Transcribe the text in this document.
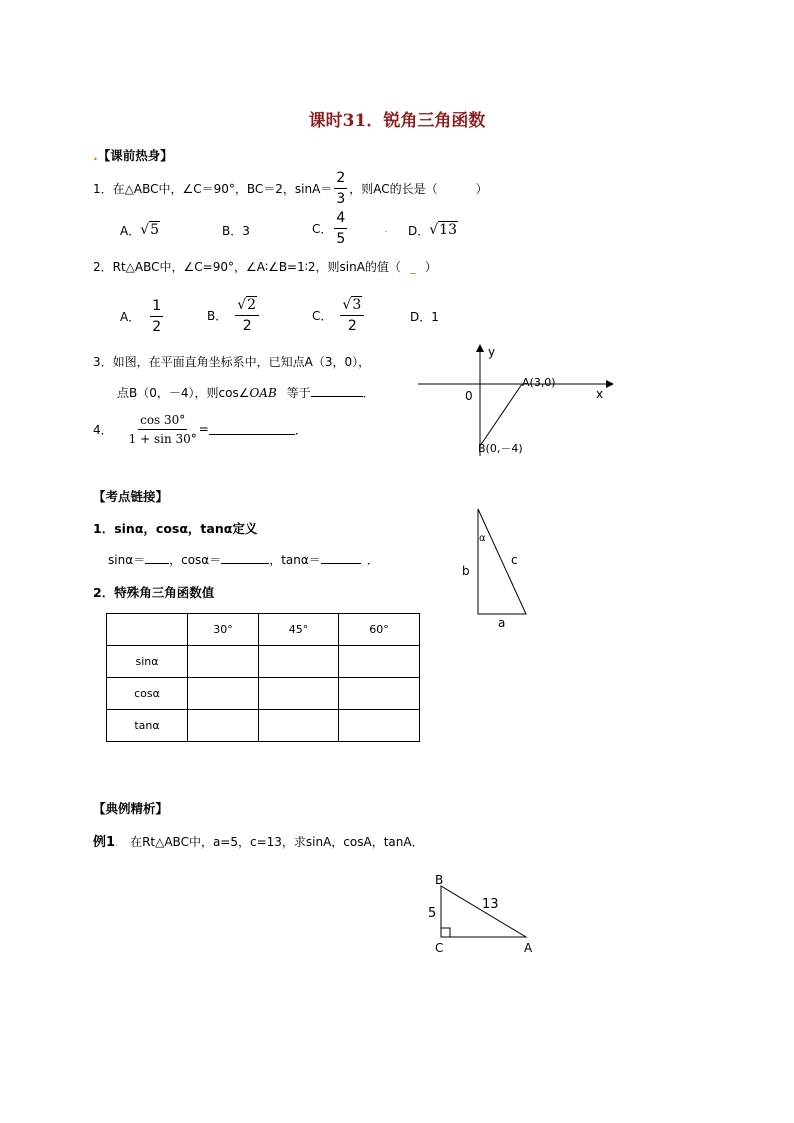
课时31．锐角三角函数
.【课前热身】
1．在△ABC中，∠C＝90°，BC＝2，$\sin A= \frac{2}{3}$ ，则AC的长是（	）
A． √5	B．3	C． $\frac{4}{5}$	. D． √13
2．Rt△ABC中，∠C=90°，∠A∶∠B=1∶2，则sinA的值（ _ ）
A． $\frac{1}{2}$	B． $\frac{√2}{2}$	C． $\frac{√3}{2}$	D．1
3．如图，在平面直角坐标系中，已知点A（3，0），
点B（0，－4），则cos∠OAB 等于	．
4． $\frac{\cos 30^\circ}{1 + \sin 30^\circ}$ =	．
y
x
0
A(3,0)
B(0,－4)
【考点链接】
1．sinα，cosα，tanα定义
sinα＝ ，cosα＝	，tanα＝	．
α
b
c
a
2．特殊角三角函数值
	30°	45°	60°
sinα			
cosα			
tanα			
【典例精析】
例1. 在Rt△ABC中，a=5，c=13，求sinA，cosA，tanA．
B
C	A
5
13
